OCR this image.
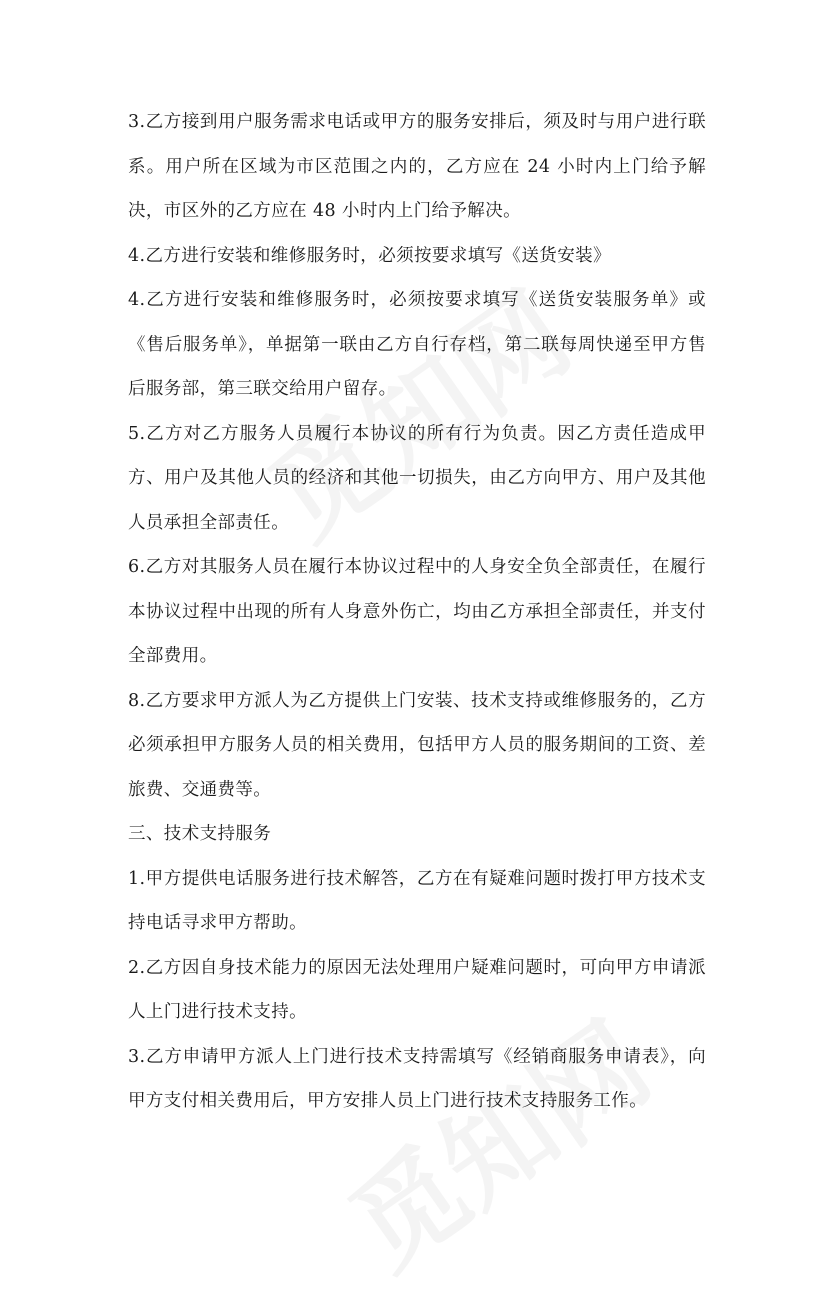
3.乙方接到用户服务需求电话或甲方的服务安排后，须及时与用户进行联系。用户所在区域为市区范围之内的，乙方应在 24 小时内上门给予解决，市区外的乙方应在 48 小时内上门给予解决。

4.乙方进行安装和维修服务时，必须按要求填写《送货安装》

4.乙方进行安装和维修服务时，必须按要求填写《送货安装服务单》或《售后服务单》，单据第一联由乙方自行存档，第二联每周快递至甲方售后服务部，第三联交给用户留存。

5.乙方对乙方服务人员履行本协议的所有行为负责。因乙方责任造成甲方、用户及其他人员的经济和其他一切损失，由乙方向甲方、用户及其他人员承担全部责任。

6.乙方对其服务人员在履行本协议过程中的人身安全负全部责任，在履行本协议过程中出现的所有人身意外伤亡，均由乙方承担全部责任，并支付全部费用。

8.乙方要求甲方派人为乙方提供上门安装、技术支持或维修服务的，乙方必须承担甲方服务人员的相关费用，包括甲方人员的服务期间的工资、差旅费、交通费等。

三、技术支持服务

1.甲方提供电话服务进行技术解答，乙方在有疑难问题时拨打甲方技术支持电话寻求甲方帮助。

2.乙方因自身技术能力的原因无法处理用户疑难问题时，可向甲方申请派人上门进行技术支持。

3.乙方申请甲方派人上门进行技术支持需填写《经销商服务申请表》，向甲方支付相关费用后，甲方安排人员上门进行技术支持服务工作。
